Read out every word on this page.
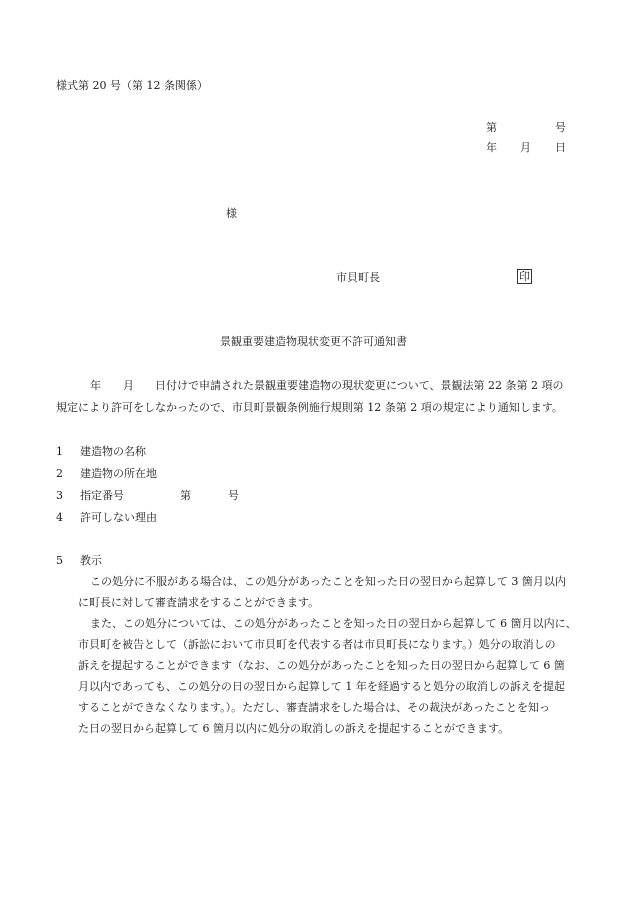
様式第 20 号（第 12 条関係）
第	号
年 月 日
様
市貝町長	印
景観重要建造物現状変更不許可通知書
年 月 日付けで申請された景観重要建造物の現状変更について、景観法第 22 条第 2 項の
規定により許可をしなかったので、市貝町景観条例施行規則第 12 条第 2 項の規定により通知します。
1 建造物の名称
2 建造物の所在地
3 指定番号	第	号
4 許可しない理由
5 教示
この処分に不服がある場合は、この処分があったことを知った日の翌日から起算して 3 箇月以内
に町長に対して審査請求をすることができます。
また、この処分については、この処分があったことを知った日の翌日から起算して 6 箇月以内に、
市貝町を被告として（訴訟において市貝町を代表する者は市貝町長になります。）処分の取消しの
訴えを提起することができます（なお、この処分があったことを知った日の翌日から起算して 6 箇
月以内であっても、この処分の日の翌日から起算して 1 年を経過すると処分の取消しの訴えを提起
することができなくなります。）。ただし、審査請求をした場合は、その裁決があったことを知っ
た日の翌日から起算して 6 箇月以内に処分の取消しの訴えを提起することができます。
